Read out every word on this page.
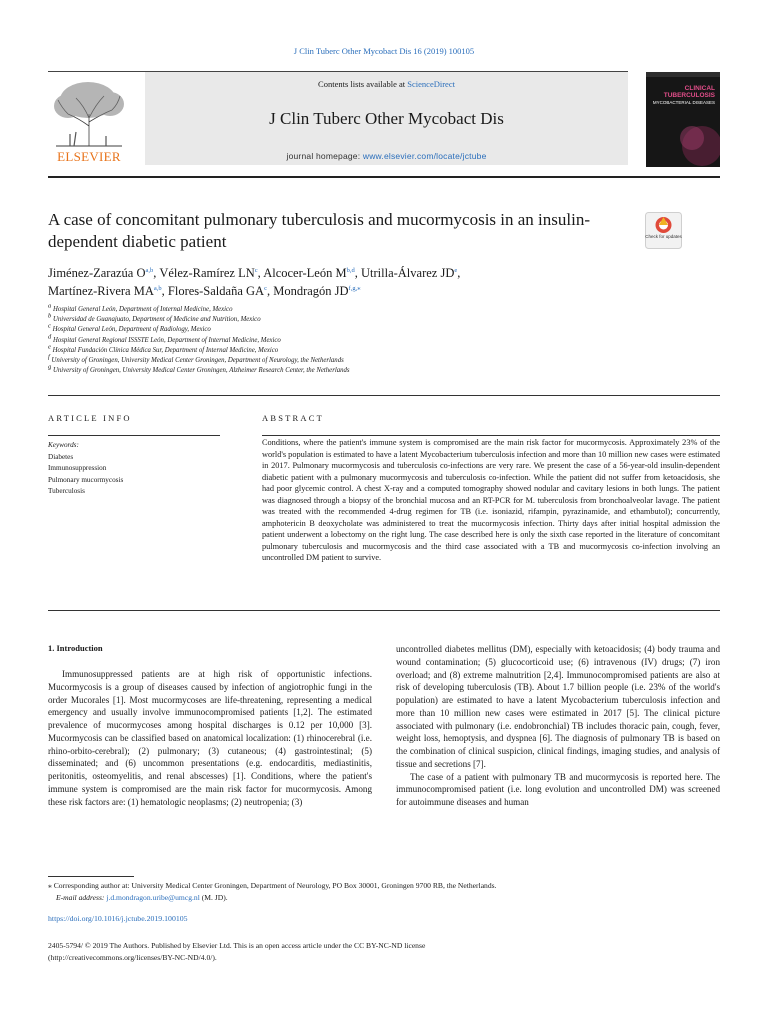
J Clin Tuberc Other Mycobact Dis 16 (2019) 100105
ELSEVIER
Contents lists available at ScienceDirect
J Clin Tuberc Other Mycobact Dis
journal homepage: www.elsevier.com/locate/jctube
CLINICAL TUBERCULOSIS
MYCOBACTERIAL DISEASES
A case of concomitant pulmonary tuberculosis and mucormycosis in an insulin-dependent diabetic patient	Check for updates
Jiménez-Zarazúa O$^{a,b}$, Vélez-Ramírez $LN^c$, Alcocer-León M$^{b,d}$, Utrilla-Álvarez $JD^e$,
Martínez-Rivera MA$^{a,b}$, Flores-Saldaña $GA^c$, Mondragón $JD^{f,g,⁎}$
a Hospital General León, Department of Internal Medicine, Mexico
b Universidad de Guanajuato, Department of Medicine and Nutrition, Mexico
c Hospital General León, Department of Radiology, Mexico
d Hospital General Regional ISSSTE León, Department of Internal Medicine, Mexico
e Hospital Fundación Clínica Médica Sur, Department of Internal Medicine, Mexico
f University of Groningen, University Medical Center Groningen, Department of Neurology, the Netherlands
g University of Groningen, University Medical Center Groningen, Alzheimer Research Center, the Netherlands
ARTICLE INFO	ABSTRACT
Keywords:
Diabetes
Immunosuppression
Pulmonary mucormycosis
Tuberculosis
Conditions, where the patient's immune system is compromised are the main risk factor for mucormycosis. Approximately 23% of the world's population is estimated to have a latent Mycobacterium tuberculosis infection and more than 10 million new cases were estimated in 2017. Pulmonary mucormycosis and tuberculosis co-infections are very rare. We present the case of a 56-year-old insulin-dependent diabetic patient with a pulmonary mucormycosis and tuberculosis co-infection. While the patient did not suffer from ketoacidosis, she had poor glycemic control. A chest X-ray and a computed tomography showed nodular and cavitary lesions in both lungs. The patient was diagnosed through a biopsy of the bronchial mucosa and an RT-PCR for M. tuberculosis from bronchoalveolar lavage. The patient was treated with the recommended 4-drug regimen for TB (i.e. isoniazid, rifampin, pyrazinamide, and ethambutol); concurrently, amphotericin B deoxycholate was administered to treat the mucormycosis infection. Thirty days after initial hospital admission the patient underwent a lobectomy on the right lung. The case described here is only the sixth case reported in the literature of concomitant pulmonary tuberculosis and mucormycosis and the third case associated with a TB and mucormycosis co-infection involving an uncontrolled DM patient to survive.
1. Introduction
Immunosuppressed patients are at high risk of opportunistic infections. Mucormycosis is a group of diseases caused by infection of angiotrophic fungi in the order Mucorales [1]. Most mucormycoses are life-threatening, representing a medical emergency and usually involve immunocompromised patients [1,2]. The estimated prevalence of mucormycoses among hospital discharges is 0.12 per 10,000 [3]. Mucormycosis can be classified based on anatomical localization: (1) rhinocerebral (i.e. rhino-orbito-cerebral); (2) pulmonary; (3) cutaneous; (4) gastrointestinal; (5) disseminated; and (6) uncommon presentations (e.g. endocarditis, mediastinitis, peritonitis, osteomyelitis, and renal abscesses) [1]. Conditions, where the patient's immune system is compromised are the main risk factor for mucormycosis. Among these risk factors are: (1) hematologic neoplasms; (2) neutropenia; (3)
uncontrolled diabetes mellitus (DM), especially with ketoacidosis; (4) body trauma and wound contamination; (5) glucocorticoid use; (6) intravenous (IV) drugs; (7) iron overload; and (8) extreme malnutrition [2,4]. Immunocompromised patients are also at risk of developing tuberculosis (TB). About 1.7 billion people (i.e. 23% of the world's population) are estimated to have a latent Mycobacterium tuberculosis infection and more than 10 million new cases were estimated in 2017 [5]. The clinical picture associated with pulmonary (i.e. endobronchial) TB includes thoracic pain, cough, fever, weight loss, hemoptysis, and dyspnea [6]. The diagnosis of pulmonary TB is based on the combination of clinical suspicion, clinical findings, imaging studies, and analysis of tissue and secretions [7].
The case of a patient with pulmonary TB and mucormycosis is reported here. The immunocompromised patient (i.e. long evolution and uncontrolled DM) was screened for autoimmune diseases and human
⁎ Corresponding author at: University Medical Center Groningen, Department of Neurology, PO Box 30001, Groningen 9700 RB, the Netherlands.
E-mail address: j.d.mondragon.uribe@umcg.nl (M. JD).
https://doi.org/10.1016/j.jctube.2019.100105
2405-5794/ © 2019 The Authors. Published by Elsevier Ltd. This is an open access article under the CC BY-NC-ND license
(http://creativecommons.org/licenses/BY-NC-ND/4.0/).
